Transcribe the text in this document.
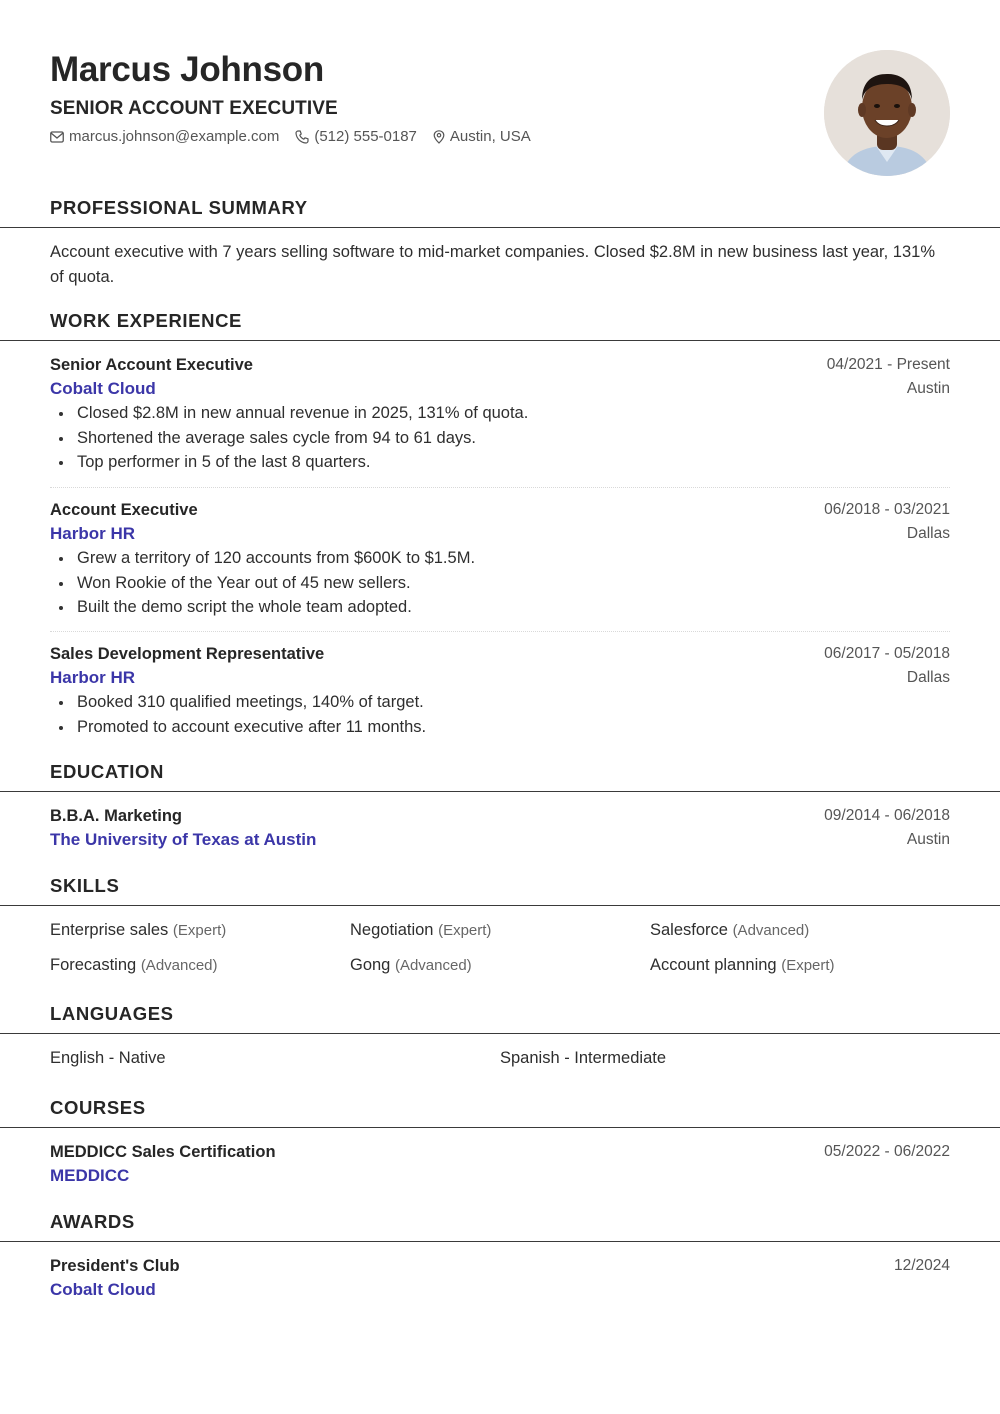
Marcus Johnson
SENIOR ACCOUNT EXECUTIVE
marcus.johnson@example.com (512) 555-0187 Austin, USA
PROFESSIONAL SUMMARY
Account executive with 7 years selling software to mid-market companies. Closed $2.8M in new business last year, 131% of quota.
WORK EXPERIENCE
Senior Account Executive
Cobalt Cloud
04/2021 - Present
Austin
Closed $2.8M in new annual revenue in 2025, 131% of quota.
Shortened the average sales cycle from 94 to 61 days.
Top performer in 5 of the last 8 quarters.
Account Executive
Harbor HR
06/2018 - 03/2021
Dallas
Grew a territory of 120 accounts from $600K to $1.5M.
Won Rookie of the Year out of 45 new sellers.
Built the demo script the whole team adopted.
Sales Development Representative
Harbor HR
06/2017 - 05/2018
Dallas
Booked 310 qualified meetings, 140% of target.
Promoted to account executive after 11 months.
EDUCATION
B.B.A. Marketing
The University of Texas at Austin
09/2014 - 06/2018
Austin
SKILLS
Enterprise sales (Expert)	Negotiation (Expert)	Salesforce (Advanced)
Forecasting (Advanced)	Gong (Advanced)	Account planning (Expert)
LANGUAGES
English - Native	Spanish - Intermediate
COURSES
MEDDICC Sales Certification
MEDDICC
05/2022 - 06/2022
AWARDS
President's Club
Cobalt Cloud
12/2024
